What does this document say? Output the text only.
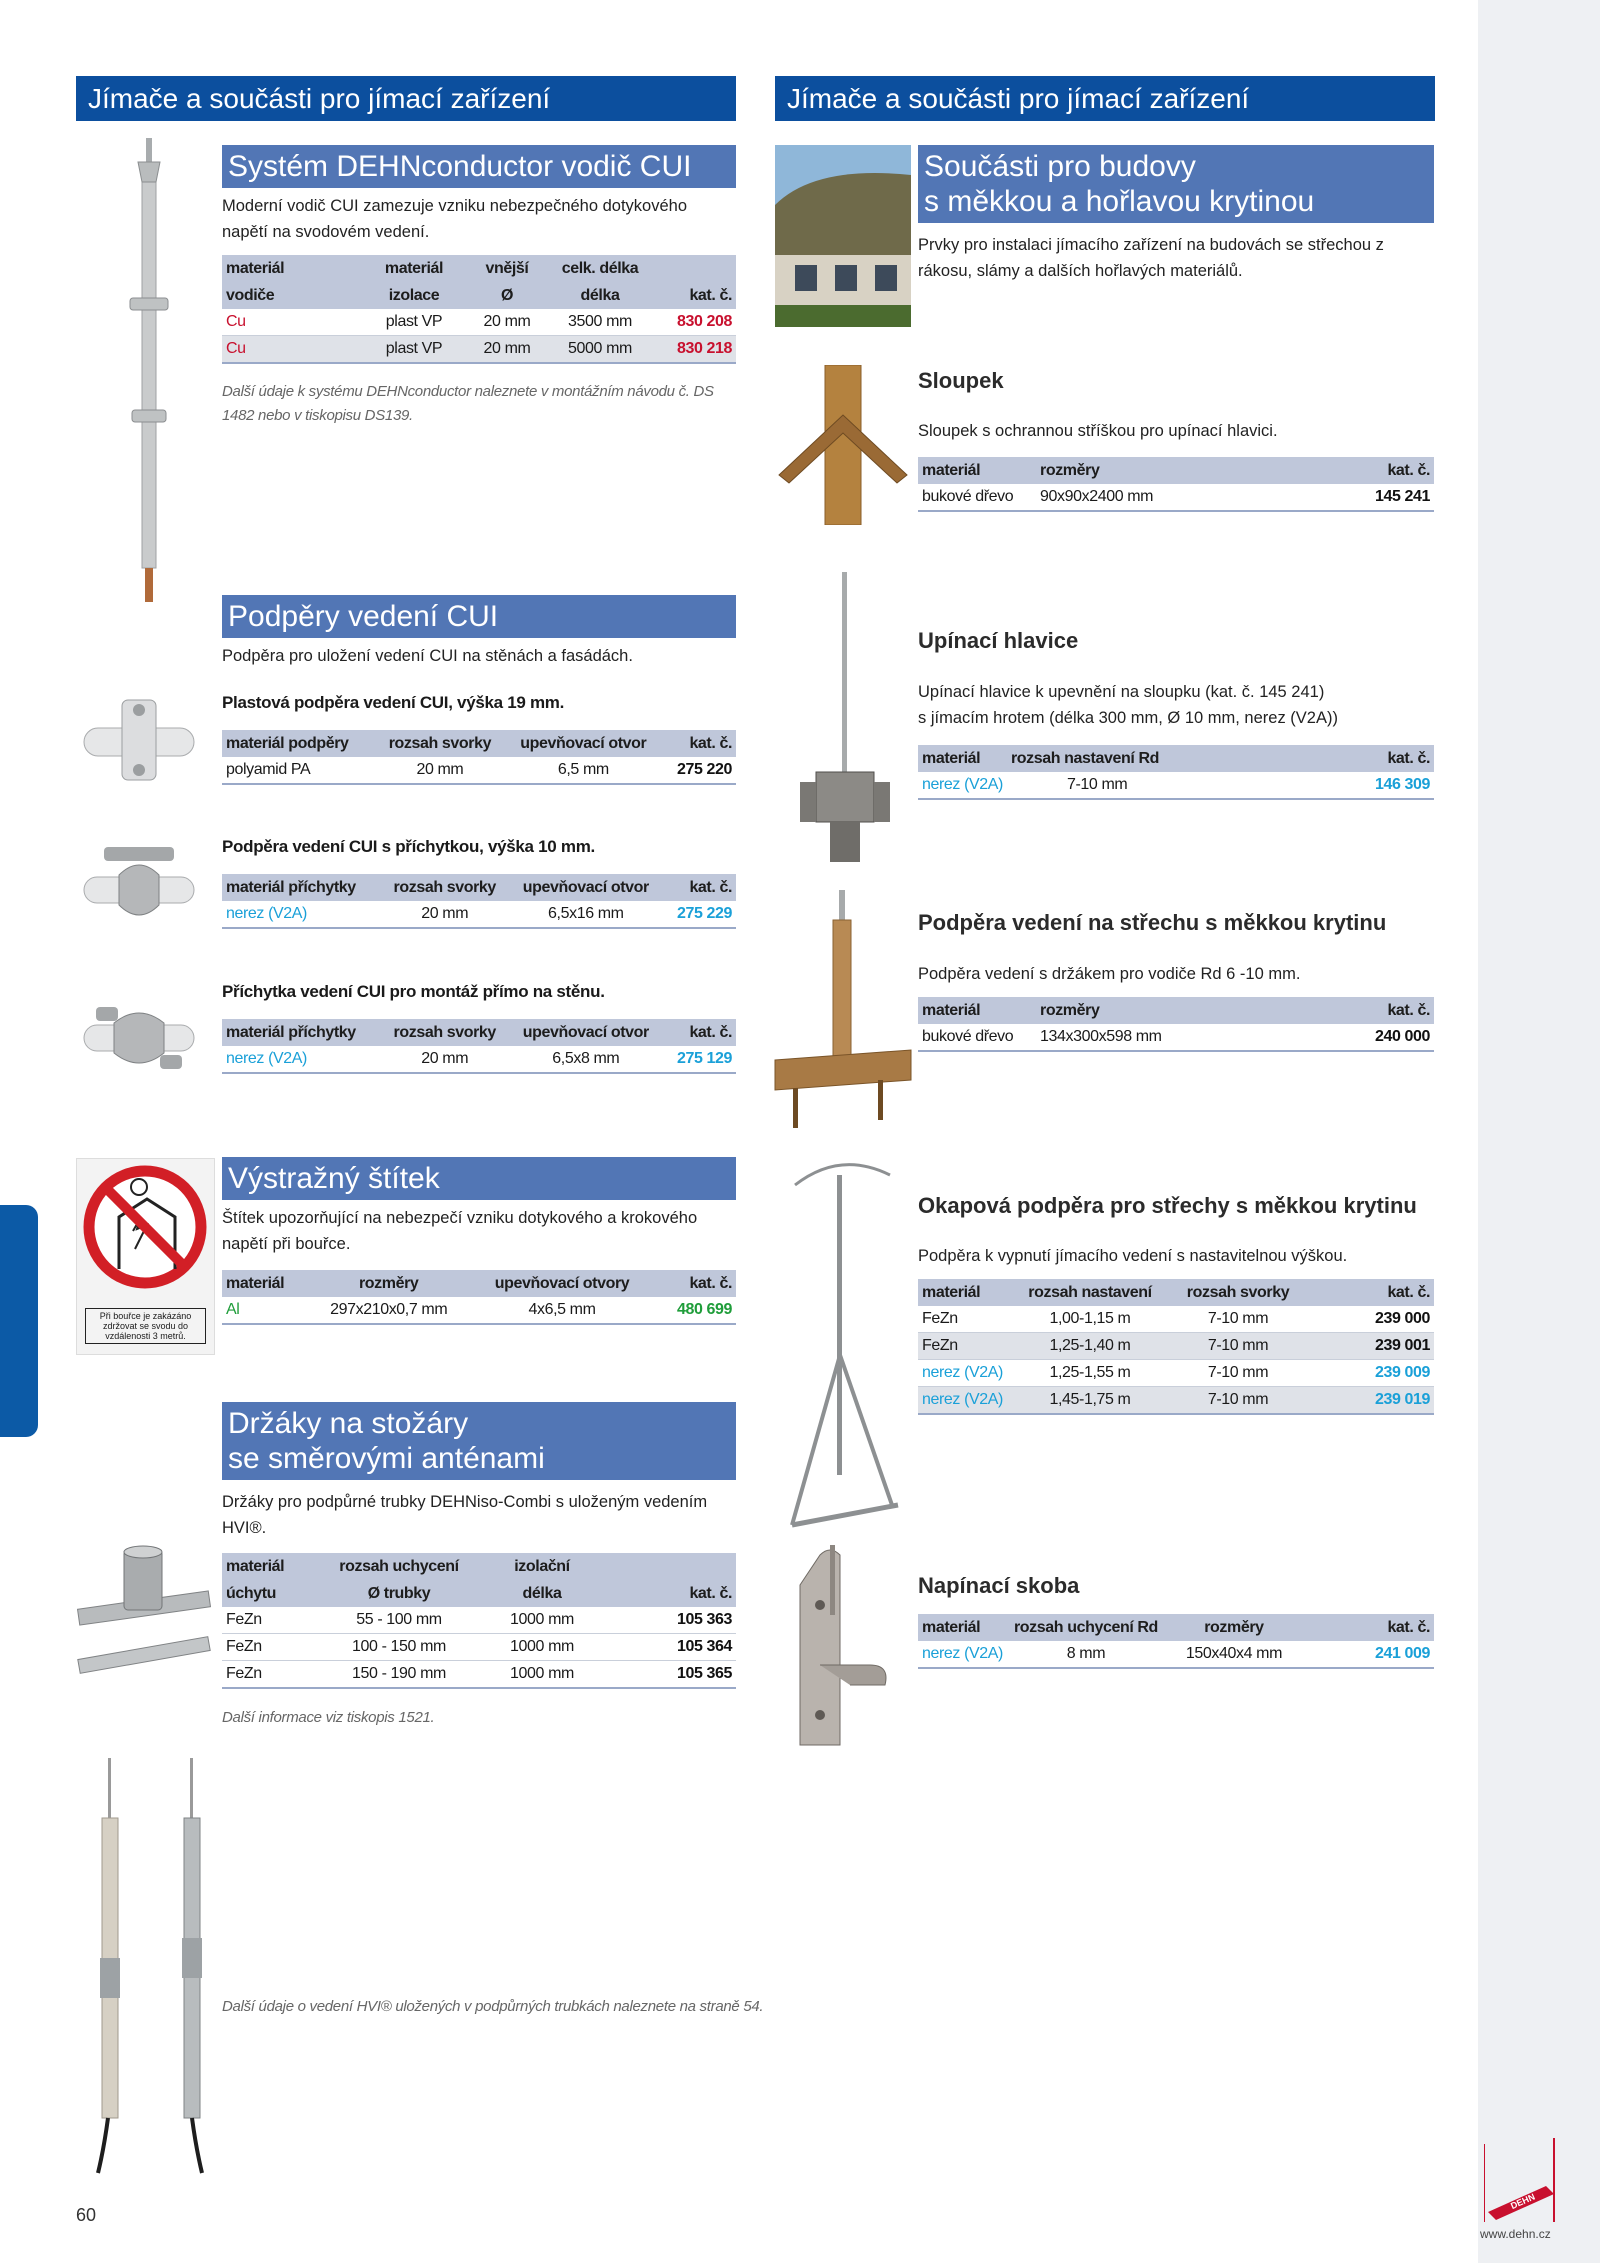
Jímače a součásti pro jímací zařízení
Systém DEHNconductor vodič CUI
Moderní vodič CUI zamezuje vzniku nebezpečného dotykového napětí na svodovém vedení.
materiál	materiál	vnější	celk. délka	
vodiče	izolace	Ø	délka	kat. č.
Cu	plast VP	20 mm	3500 mm	830 208
Cu	plast VP	20 mm	5000 mm	830 218
Další údaje k systému DEHNconductor naleznete v montážním návodu č. DS 1482 nebo v tiskopisu DS139.
Podpěry vedení CUI
Podpěra pro uložení vedení CUI na stěnách a fasádách.
Plastová podpěra vedení CUI, výška 19 mm.
materiál podpěry	rozsah svorky	upevňovací otvor	kat. č.
polyamid PA	20 mm	6,5 mm	275 220
Podpěra vedení CUI s příchytkou, výška 10 mm.
materiál příchytky	rozsah svorky	upevňovací otvor	kat. č.
nerez (V2A)	20 mm	6,5x16 mm	275 229
Příchytka vedení CUI pro montáž přímo na stěnu.
materiál příchytky	rozsah svorky	upevňovací otvor	kat. č.
nerez (V2A)	20 mm	6,5x8 mm	275 129
Při bouřce je zakázáno zdržovat se svodu do vzdálenosti 3 metrů.
Výstražný štítek
Štítek upozorňující na nebezpečí vzniku dotykového a krokového napětí při bouřce.
materiál	rozměry	upevňovací otvory	kat. č.
Al	297x210x0,7 mm	4x6,5 mm	480 699
Držáky na stožáry
se směrovými anténami
Držáky pro podpůrné trubky DEHNiso-Combi s uloženým vedením HVI®.
materiál	rozsah uchycení	izolační	
úchytu	Ø trubky	délka	kat. č.
FeZn	55 - 100 mm	1000 mm	105 363
FeZn	100 - 150 mm	1000 mm	105 364
FeZn	150 - 190 mm	1000 mm	105 365
Další informace viz tiskopis 1521.
Další údaje o vedení HVI® uložených v podpůrných trubkách naleznete na straně 54.
Jímače a součásti pro jímací zařízení
Součásti pro budovy
s měkkou a hořlavou krytinou
Prvky pro instalaci jímacího zařízení na budovách se střechou z rákosu, slámy a dalších hořlavých materiálů.
Sloupek
Sloupek s ochrannou stříškou pro upínací hlavici.
materiál	rozměry	kat. č.
bukové dřevo	90x90x2400 mm	145 241
Upínací hlavice
Upínací hlavice k upevnění na sloupku (kat. č. 145 241)
s jímacím hrotem (délka 300 mm, Ø 10 mm, nerez (V2A))
materiál	rozsah nastavení Rd	kat. č.
nerez (V2A)	7-10 mm	146 309
Podpěra vedení na střechu s měkkou krytinu
Podpěra vedení s držákem pro vodiče Rd 6 -10 mm.
materiál	rozměry	kat. č.
bukové dřevo	134x300x598 mm	240 000
Okapová podpěra pro střechy s měkkou krytinu
Podpěra k vypnutí jímacího vedení s nastavitelnou výškou.
materiál	rozsah nastavení	rozsah svorky	kat. č.
FeZn	1,00-1,15 m	7-10 mm	239 000
FeZn	1,25-1,40 m	7-10 mm	239 001
nerez (V2A)	1,25-1,55 m	7-10 mm	239 009
nerez (V2A)	1,45-1,75 m	7-10 mm	239 019
Napínací skoba
materiál	rozsah uchycení Rd	rozměry	kat. č.
nerez (V2A)	8 mm	150x40x4 mm	241 009
60
DEHN
www.dehn.cz
